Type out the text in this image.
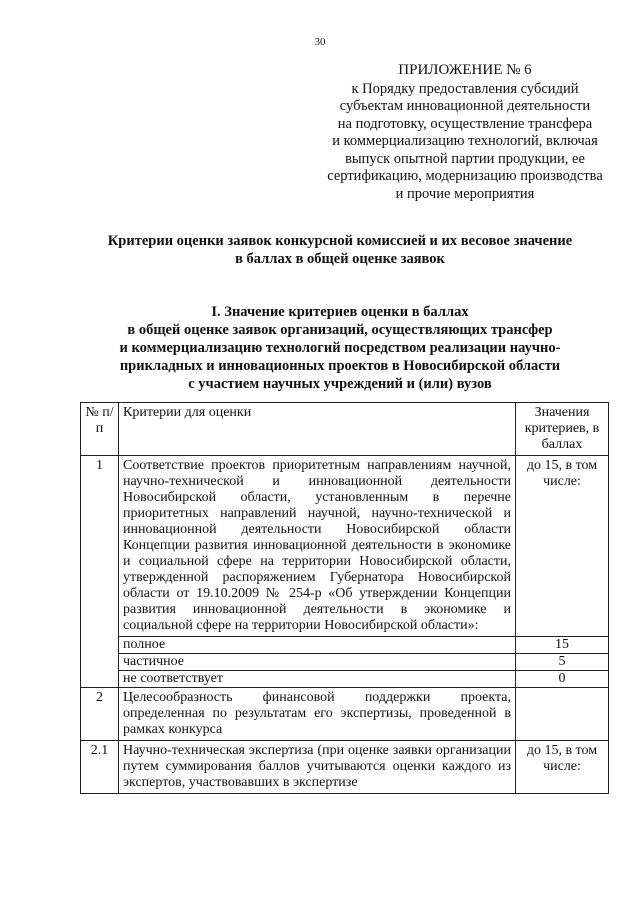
30
ПРИЛОЖЕНИЕ № 6
к Порядку предоставления субсидий
субъектам инновационной деятельности
на подготовку, осуществление трансфера
и коммерциализацию технологий, включая
выпуск опытной партии продукции, ее
сертификацию, модернизацию производства
и прочие мероприятия
Критерии оценки заявок конкурсной комиссией и их весовое значение
в баллах в общей оценке заявок
I. Значение критериев оценки в баллах
в общей оценке заявок организаций, осуществляющих трансфер
и коммерциализацию технологий посредством реализации научно-
прикладных и инновационных проектов в Новосибирской области
с участием научных учреждений и (или) вузов
№ п/п	Критерии для оценки	Значения критериев, в баллах
1	Соответствие проектов приоритетным направлениям научной, научно-технической и инновационной деятельности Новосибирской области, установленным в перечне приоритетных направлений научной, научно-технической и инновационной деятельности Новосибирской области Концепции развития инновационной деятельности в экономике и социальной сфере на территории Новосибирской области, утвержденной распоряжением Губернатора Новосибирской области от 19.10.2009 № 254-р «Об утверждении Концепции развития инновационной деятельности в экономике и социальной сфере на территории Новосибирской области»:	до 15, в том числе:
	полное	15
	частичное	5
	не соответствует	0
2	Целесообразность финансовой поддержки проекта, определенная по результатам его экспертизы, проведенной в рамках конкурса	
2.1	Научно-техническая экспертиза (при оценке заявки организации путем суммирования баллов учитываются оценки каждого из экспертов, участвовавших в экспертизе	до 15, в том числе:
